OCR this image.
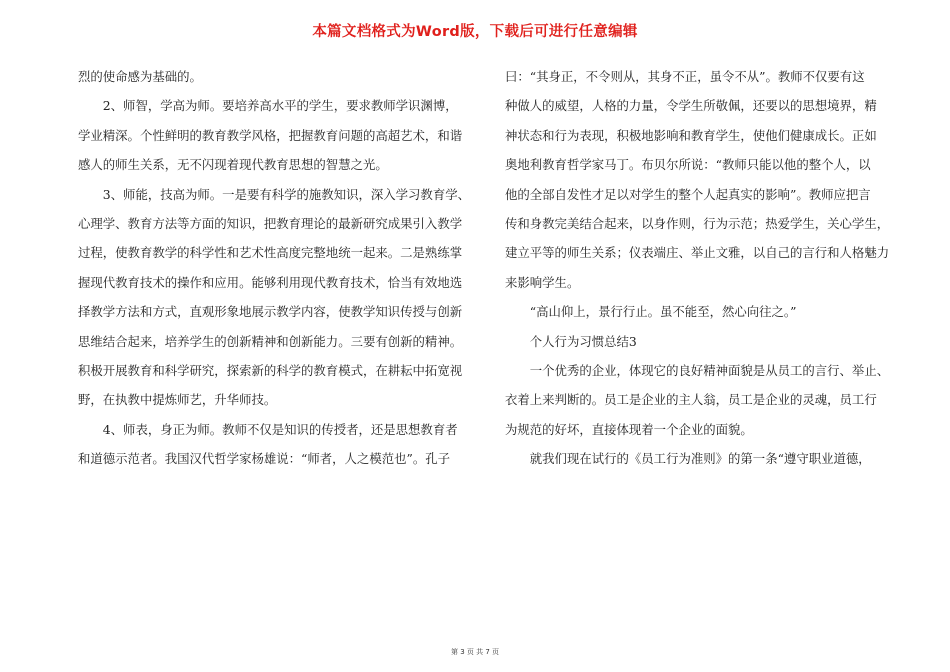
本篇文档格式为Word版，下载后可进行任意编辑

烈的使命感为基础的。

　　2、师智，学高为师。要培养高水平的学生，要求教师学识渊博，

学业精深。个性鲜明的教育教学风格，把握教育问题的高超艺术，和谐

感人的师生关系，无不闪现着现代教育思想的智慧之光。

　　3、师能，技高为师。一是要有科学的施教知识，深入学习教育学、

心理学、教育方法等方面的知识，把教育理论的最新研究成果引入教学

过程，使教育教学的科学性和艺术性高度完整地统一起来。二是熟练掌

握现代教育技术的操作和应用。能够利用现代教育技术，恰当有效地选

择教学方法和方式，直观形象地展示教学内容，使教学知识传授与创新

思维结合起来，培养学生的创新精神和创新能力。三要有创新的精神。

积极开展教育和科学研究，探索新的科学的教育模式，在耕耘中拓宽视

野，在执教中提炼师艺，升华师技。

　　4、师表，身正为师。教师不仅是知识的传授者，还是思想教育者

和道德示范者。我国汉代哲学家杨雄说：“师者，人之模范也”。孔子

曰：“其身正，不令则从，其身不正，虽令不从”。教师不仅要有这

种做人的威望，人格的力量，令学生所敬佩，还要以的思想境界，精

神状态和行为表现，积极地影响和教育学生，使他们健康成长。正如

奥地利教育哲学家马丁。布贝尔所说：“教师只能以他的整个人，以

他的全部自发性才足以对学生的整个人起真实的影响”。教师应把言

传和身教完美结合起来，以身作则，行为示范；热爱学生，关心学生，

建立平等的师生关系；仪表端庄、举止文雅，以自己的言行和人格魅力

来影响学生。

　　“高山仰上，景行行止。虽不能至，然心向往之。”

　　个人行为习惯总结3

　　一个优秀的企业，体现它的良好精神面貌是从员工的言行、举止、

衣着上来判断的。员工是企业的主人翁，员工是企业的灵魂，员工行

为规范的好坏，直接体现着一个企业的面貌。

　　就我们现在试行的《员工行为准则》的第一条“遵守职业道德，

第 3 页 共 7 页
